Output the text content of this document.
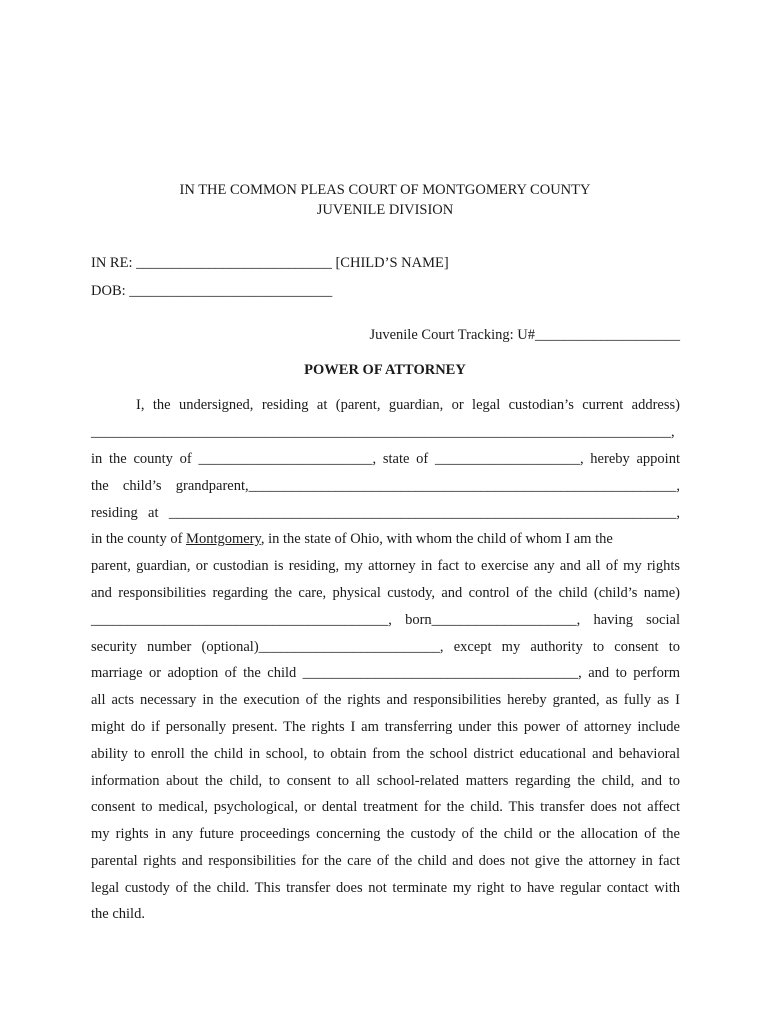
IN THE COMMON PLEAS COURT OF MONTGOMERY COUNTY
JUVENILE DIVISION
IN RE: ___________________________ [CHILD’S NAME]
DOB: ____________________________
Juvenile Court Tracking: U#____________________
POWER OF ATTORNEY
I, the undersigned, residing at (parent, guardian, or legal custodian’s current address)
________________________________________________________________________________,
in the county of ________________________, state of ____________________, hereby appoint
the child’s grandparent,___________________________________________________________,
residing at ______________________________________________________________________,
in the county of Montgomery, in the state of Ohio, with whom the child of whom I am the
parent, guardian, or custodian is residing, my attorney in fact to exercise any and all of my rights
and responsibilities regarding the care, physical custody, and control of the child (child’s name)
_________________________________________, born____________________, having social
security number (optional)_________________________, except my authority to consent to
marriage or adoption of the child ______________________________________, and to perform
all acts necessary in the execution of the rights and responsibilities hereby granted, as fully as I
might do if personally present. The rights I am transferring under this power of attorney include
ability to enroll the child in school, to obtain from the school district educational and behavioral
information about the child, to consent to all school-related matters regarding the child, and to
consent to medical, psychological, or dental treatment for the child. This transfer does not affect
my rights in any future proceedings concerning the custody of the child or the allocation of the
parental rights and responsibilities for the care of the child and does not give the attorney in fact
legal custody of the child. This transfer does not terminate my right to have regular contact with
the child.
